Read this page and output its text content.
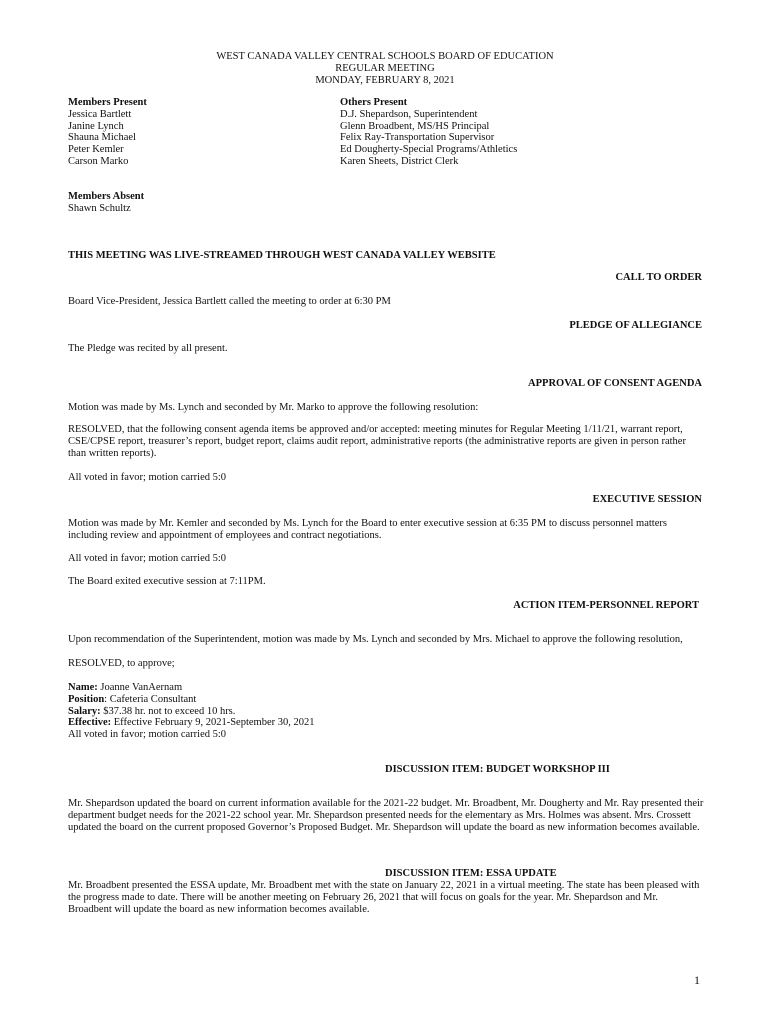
WEST CANADA VALLEY CENTRAL SCHOOLS BOARD OF EDUCATION
REGULAR MEETING
MONDAY, FEBRUARY 8, 2021
Members Present
Jessica Bartlett
Janine Lynch
Shauna Michael
Peter Kemler
Carson Marko
Others Present
D.J. Shepardson, Superintendent
Glenn Broadbent, MS/HS Principal
Felix Ray-Transportation Supervisor
Ed Dougherty-Special Programs/Athletics
Karen Sheets, District Clerk
Members Absent
Shawn Schultz
THIS MEETING WAS LIVE-STREAMED THROUGH WEST CANADA VALLEY WEBSITE
CALL TO ORDER
Board Vice-President, Jessica Bartlett called the meeting to order at 6:30 PM
PLEDGE OF ALLEGIANCE
The Pledge was recited by all present.
APPROVAL OF CONSENT AGENDA
Motion was made by Ms. Lynch and seconded by Mr. Marko to approve the following resolution:
RESOLVED, that the following consent agenda items be approved and/or accepted: meeting minutes for Regular Meeting 1/11/21, warrant report, CSE/CPSE report, treasurer’s report, budget report, claims audit report, administrative reports (the administrative reports are given in person rather than written reports).
All voted in favor; motion carried 5:0
EXECUTIVE SESSION
Motion was made by Mr. Kemler and seconded by Ms. Lynch for the Board to enter executive session at 6:35 PM to discuss personnel matters including review and appointment of employees and contract negotiations.
All voted in favor; motion carried 5:0
The Board exited executive session at 7:11PM.
ACTION ITEM-PERSONNEL REPORT
Upon recommendation of the Superintendent, motion was made by Ms. Lynch and seconded by Mrs. Michael to approve the following resolution,
RESOLVED, to approve;
Name: Joanne VanAernam
Position: Cafeteria Consultant
Salary: $37.38 hr. not to exceed 10 hrs.
Effective: Effective February 9, 2021-September 30, 2021
All voted in favor; motion carried 5:0
DISCUSSION ITEM: BUDGET WORKSHOP III
Mr. Shepardson updated the board on current information available for the 2021-22 budget. Mr. Broadbent, Mr. Dougherty and Mr. Ray presented their department budget needs for the 2021-22 school year. Mr. Shepardson presented needs for the elementary as Mrs. Holmes was absent. Mrs. Crossett updated the board on the current proposed Governor’s Proposed Budget. Mr. Shepardson will update the board as new information becomes available.
DISCUSSION ITEM: ESSA UPDATE
Mr. Broadbent presented the ESSA update, Mr. Broadbent met with the state on January 22, 2021 in a virtual meeting. The state has been pleased with the progress made to date. There will be another meeting on February 26, 2021 that will focus on goals for the year. Mr. Shepardson and Mr. Broadbent will update the board as new information becomes available.
1
